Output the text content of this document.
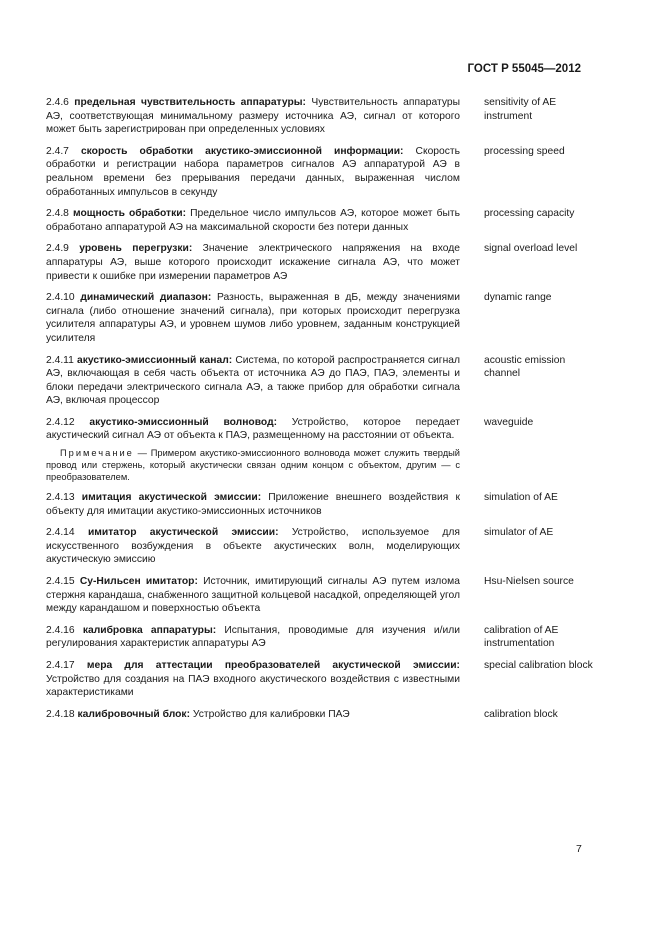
ГОСТ Р 55045—2012
2.4.6 предельная чувствительность аппаратуры: Чувствительность аппаратуры АЭ, соответствующая минимальному размеру источника АЭ, сигнал от которого может быть зарегистрирован при определенных условиях
sensitivity of AE instrument
2.4.7 скорость обработки акустико-эмиссионной информации: Скорость обработки и регистрации набора параметров сигналов АЭ аппаратурой АЭ в реальном времени без прерывания передачи данных, выраженная числом обработанных импульсов в секунду
processing speed
2.4.8 мощность обработки: Предельное число импульсов АЭ, которое может быть обработано аппаратурой АЭ на максимальной скорости без потери данных
processing capacity
2.4.9 уровень перегрузки: Значение электрического напряжения на входе аппаратуры АЭ, выше которого происходит искажение сигнала АЭ, что может привести к ошибке при измерении параметров АЭ
signal overload level
2.4.10 динамический диапазон: Разность, выраженная в дБ, между значениями сигнала (либо отношение значений сигнала), при которых происходит перегрузка усилителя аппаратуры АЭ, и уровнем шумов либо уровнем, заданным конструкцией усилителя
dynamic range
2.4.11 акустико-эмиссионный канал: Система, по которой распространяется сигнал АЭ, включающая в себя часть объекта от источника АЭ до ПАЭ, ПАЭ, элементы и блоки передачи электрического сигнала АЭ, а также прибор для обработки сигнала АЭ, включая процессор
acoustic emission channel
2.4.12 акустико-эмиссионный волновод: Устройство, которое передает акустический сигнал АЭ от объекта к ПАЭ, размещенному на расстоянии от объекта.
Примечание — Примером акустико-эмиссионного волновода может служить твердый провод или стержень, который акустически связан одним концом с объектом, другим — с преобразователем.
waveguide
2.4.13 имитация акустической эмиссии: Приложение внешнего воздействия к объекту для имитации акустико-эмиссионных источников
simulation of AE
2.4.14 имитатор акустической эмиссии: Устройство, используемое для искусственного возбуждения в объекте акустических волн, моделирующих акустическую эмиссию
simulator of AE
2.4.15 Су-Нильсен имитатор: Источник, имитирующий сигналы АЭ путем излома стержня карандаша, снабженного защитной кольцевой насадкой, определяющей угол между карандашом и поверхностью объекта
Hsu-Nielsen source
2.4.16 калибровка аппаратуры: Испытания, проводимые для изучения и/или регулирования характеристик аппаратуры АЭ
calibration of AE instrumentation
2.4.17 мера для аттестации преобразователей акустической эмиссии: Устройство для создания на ПАЭ входного акустического воздействия с известными характеристиками
special calibration block
2.4.18 калибровочный блок: Устройство для калибровки ПАЭ	calibration block
7
